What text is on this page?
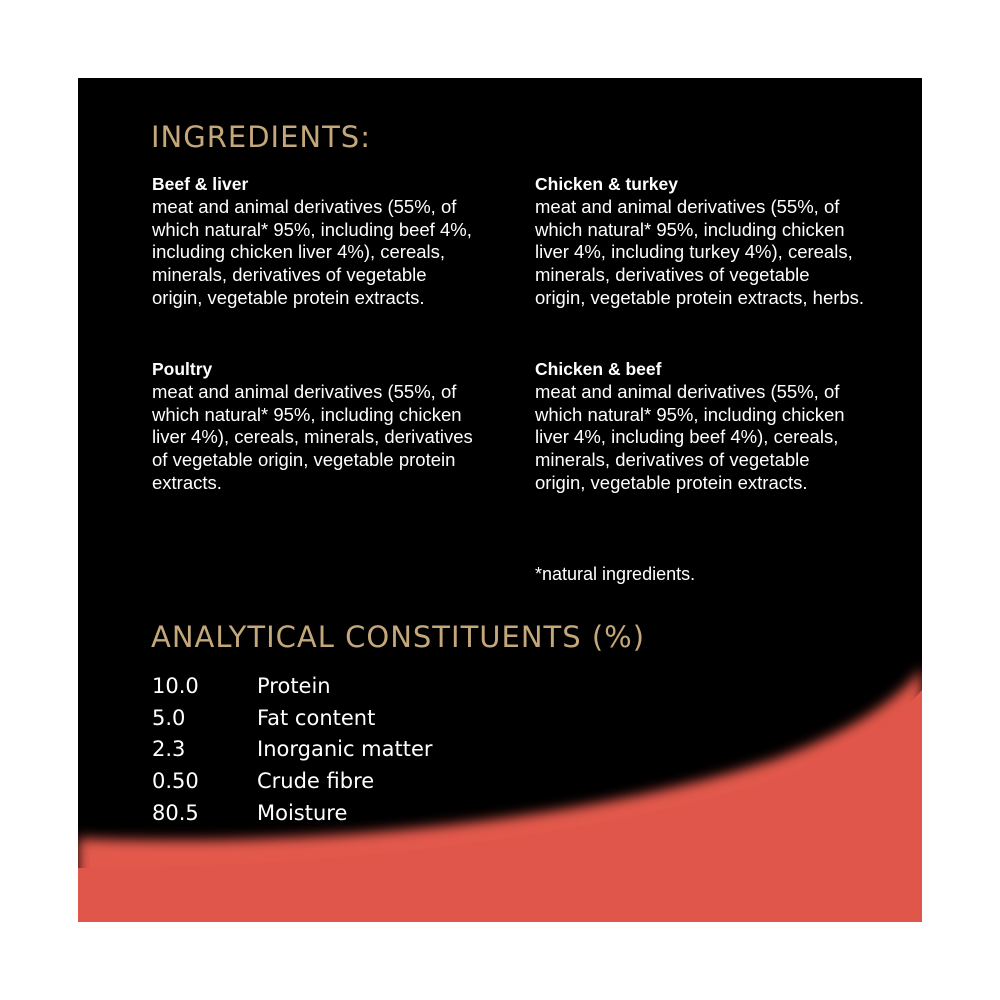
INGREDIENTS:
Beef & liver
meat and animal derivatives (55%, of which natural* 95%, including beef 4%, including chicken liver 4%), cereals, minerals, derivatives of vegetable origin, vegetable protein extracts.
Chicken & turkey
meat and animal derivatives (55%, of which natural* 95%, including chicken liver 4%, including turkey 4%), cereals, minerals, derivatives of vegetable origin, vegetable protein extracts, herbs.
Poultry
meat and animal derivatives (55%, of which natural* 95%, including chicken liver 4%), cereals, minerals, derivatives of vegetable origin, vegetable protein extracts.
Chicken & beef
meat and animal derivatives (55%, of which natural* 95%, including chicken liver 4%, including beef 4%), cereals, minerals, derivatives of vegetable origin, vegetable protein extracts.
*natural ingredients.
ANALYTICAL CONSTITUENTS (%)
10.0	Protein
5.0	Fat content
2.3	Inorganic matter
0.50	Crude fibre
80.5	Moisture
